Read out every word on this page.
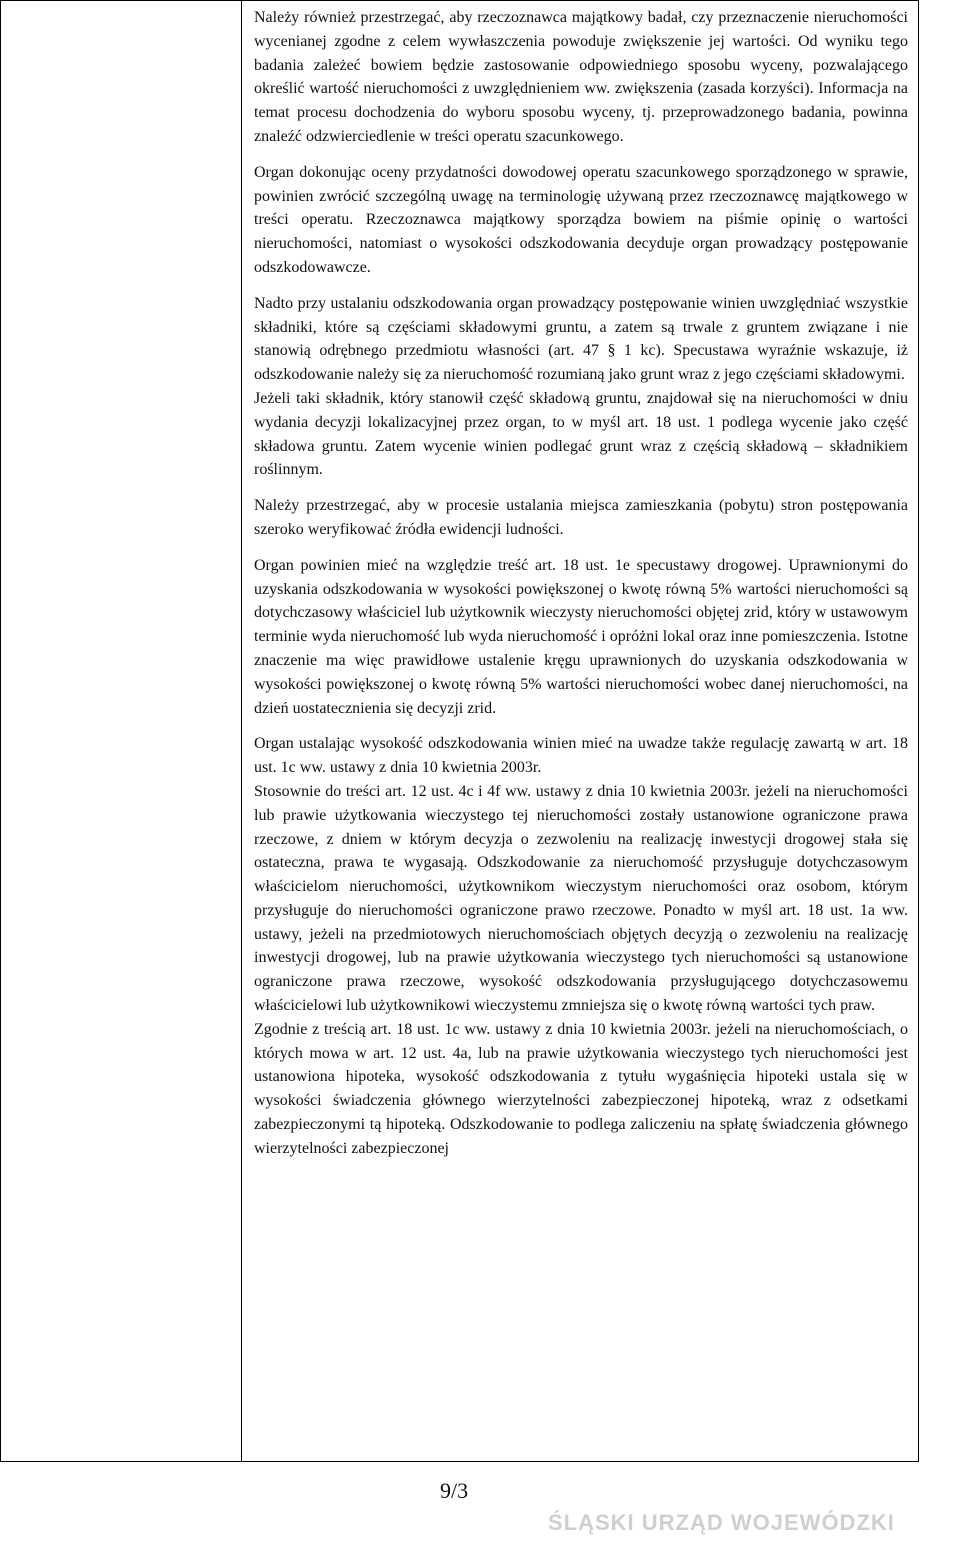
Należy również przestrzegać, aby rzeczoznawca majątkowy badał, czy przeznaczenie nieruchomości wycenianej zgodne z celem wywłaszczenia powoduje zwiększenie jej wartości. Od wyniku tego badania zależeć bowiem będzie zastosowanie odpowiedniego sposobu wyceny, pozwalającego określić wartość nieruchomości z uwzględnieniem ww. zwiększenia (zasada korzyści). Informacja na temat procesu dochodzenia do wyboru sposobu wyceny, tj. przeprowadzonego badania, powinna znaleźć odzwierciedlenie w treści operatu szacunkowego.

Organ dokonując oceny przydatności dowodowej operatu szacunkowego sporządzonego w sprawie, powinien zwrócić szczególną uwagę na terminologię używaną przez rzeczoznawcę majątkowego w treści operatu. Rzeczoznawca majątkowy sporządza bowiem na piśmie opinię o wartości nieruchomości, natomiast o wysokości odszkodowania decyduje organ prowadzący postępowanie odszkodowawcze.

Nadto przy ustalaniu odszkodowania organ prowadzący postępowanie winien uwzględniać wszystkie składniki, które są częściami składowymi gruntu, a zatem są trwale z gruntem związane i nie stanowią odrębnego przedmiotu własności (art. 47 § 1 kc). Specustawa wyraźnie wskazuje, iż odszkodowanie należy się za nieruchomość rozumianą jako grunt wraz z jego częściami składowymi.

Jeżeli taki składnik, który stanowił część składową gruntu, znajdował się na nieruchomości w dniu wydania decyzji lokalizacyjnej przez organ, to w myśl art. 18 ust. 1 podlega wycenie jako część składowa gruntu. Zatem wycenie winien podlegać grunt wraz z częścią składową – składnikiem roślinnym.

Należy przestrzegać, aby w procesie ustalania miejsca zamieszkania (pobytu) stron postępowania szeroko weryfikować źródła ewidencji ludności.

Organ powinien mieć na względzie treść art. 18 ust. 1e specustawy drogowej. Uprawnionymi do uzyskania odszkodowania w wysokości powiększonej o kwotę równą 5% wartości nieruchomości są dotychczasowy właściciel lub użytkownik wieczysty nieruchomości objętej zrid, który w ustawowym terminie wyda nieruchomość lub wyda nieruchomość i opróżni lokal oraz inne pomieszczenia. Istotne znaczenie ma więc prawidłowe ustalenie kręgu uprawnionych do uzyskania odszkodowania w wysokości powiększonej o kwotę równą 5% wartości nieruchomości wobec danej nieruchomości, na dzień uostatecznienia się decyzji zrid.

Organ ustalając wysokość odszkodowania winien mieć na uwadze także regulację zawartą w art. 18 ust. 1c ww. ustawy z dnia 10 kwietnia 2003r.

Stosownie do treści art. 12 ust. 4c i 4f ww. ustawy z dnia 10 kwietnia 2003r. jeżeli na nieruchomości lub prawie użytkowania wieczystego tej nieruchomości zostały ustanowione ograniczone prawa rzeczowe, z dniem w którym decyzja o zezwoleniu na realizację inwestycji drogowej stała się ostateczna, prawa te wygasają. Odszkodowanie za nieruchomość przysługuje dotychczasowym właścicielom nieruchomości, użytkownikom wieczystym nieruchomości oraz osobom, którym przysługuje do nieruchomości ograniczone prawo rzeczowe. Ponadto w myśl art. 18 ust. 1a ww. ustawy, jeżeli na przedmiotowych nieruchomościach objętych decyzją o zezwoleniu na realizację inwestycji drogowej, lub na prawie użytkowania wieczystego tych nieruchomości są ustanowione ograniczone prawa rzeczowe, wysokość odszkodowania przysługującego dotychczasowemu właścicielowi lub użytkownikowi wieczystemu zmniejsza się o kwotę równą wartości tych praw.

Zgodnie z treścią art. 18 ust. 1c ww. ustawy z dnia 10 kwietnia 2003r. jeżeli na nieruchomościach, o których mowa w art. 12 ust. 4a, lub na prawie użytkowania wieczystego tych nieruchomości jest ustanowiona hipoteka, wysokość odszkodowania z tytułu wygaśnięcia hipoteki ustala się w wysokości świadczenia głównego wierzytelności zabezpieczonej hipoteką, wraz z odsetkami zabezpieczonymi tą hipoteką. Odszkodowanie to podlega zaliczeniu na spłatę świadczenia głównego wierzytelności zabezpieczonej

9/3
ŚLĄSKI URZĄD WOJEWÓDZKI
